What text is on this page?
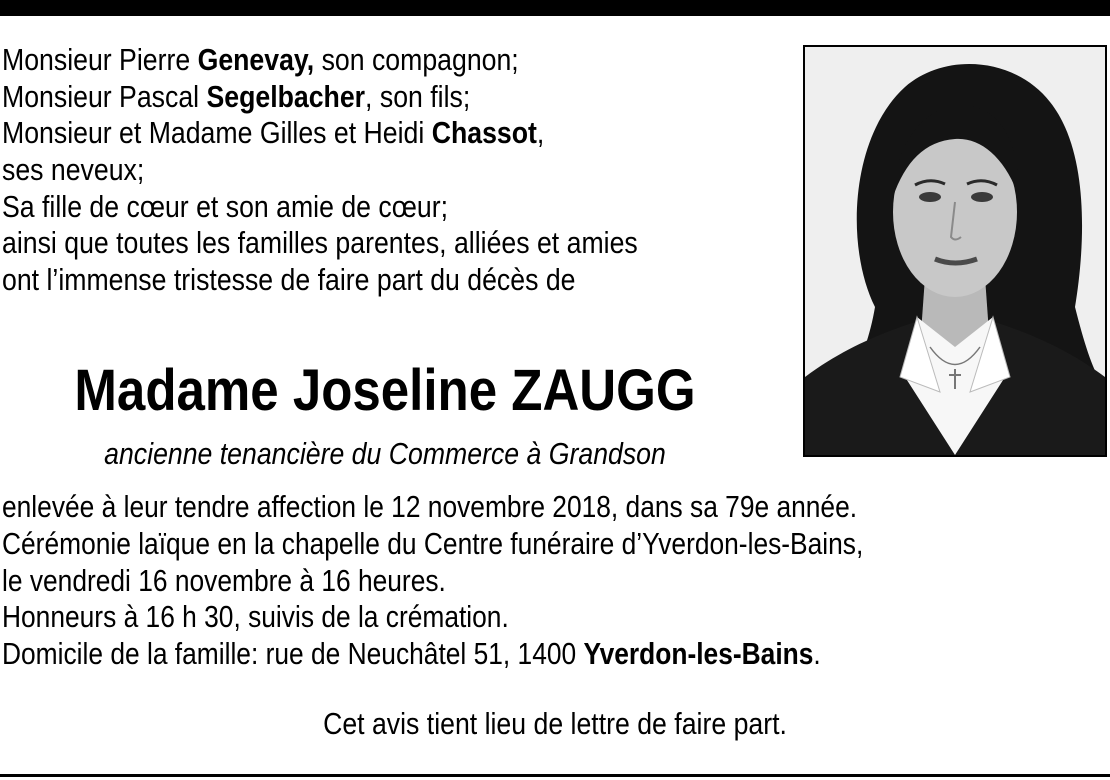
Monsieur Pierre Genevay, son compagnon;
Monsieur Pascal Segelbacher, son fils;
Monsieur et Madame Gilles et Heidi Chassot,
ses neveux;
Sa fille de cœur et son amie de cœur;
ainsi que toutes les familles parentes, alliées et amies
ont l’immense tristesse de faire part du décès de
Madame Joseline ZAUGG
ancienne tenancière du Commerce à Grandson
enlevée à leur tendre affection le 12 novembre 2018, dans sa 79e année.
Cérémonie laïque en la chapelle du Centre funéraire d’Yverdon-les-Bains,
le vendredi 16 novembre à 16 heures.
Honneurs à 16 h 30, suivis de la crémation.
Domicile de la famille: rue de Neuchâtel 51, 1400 Yverdon-les-Bains.
Cet avis tient lieu de lettre de faire part.
